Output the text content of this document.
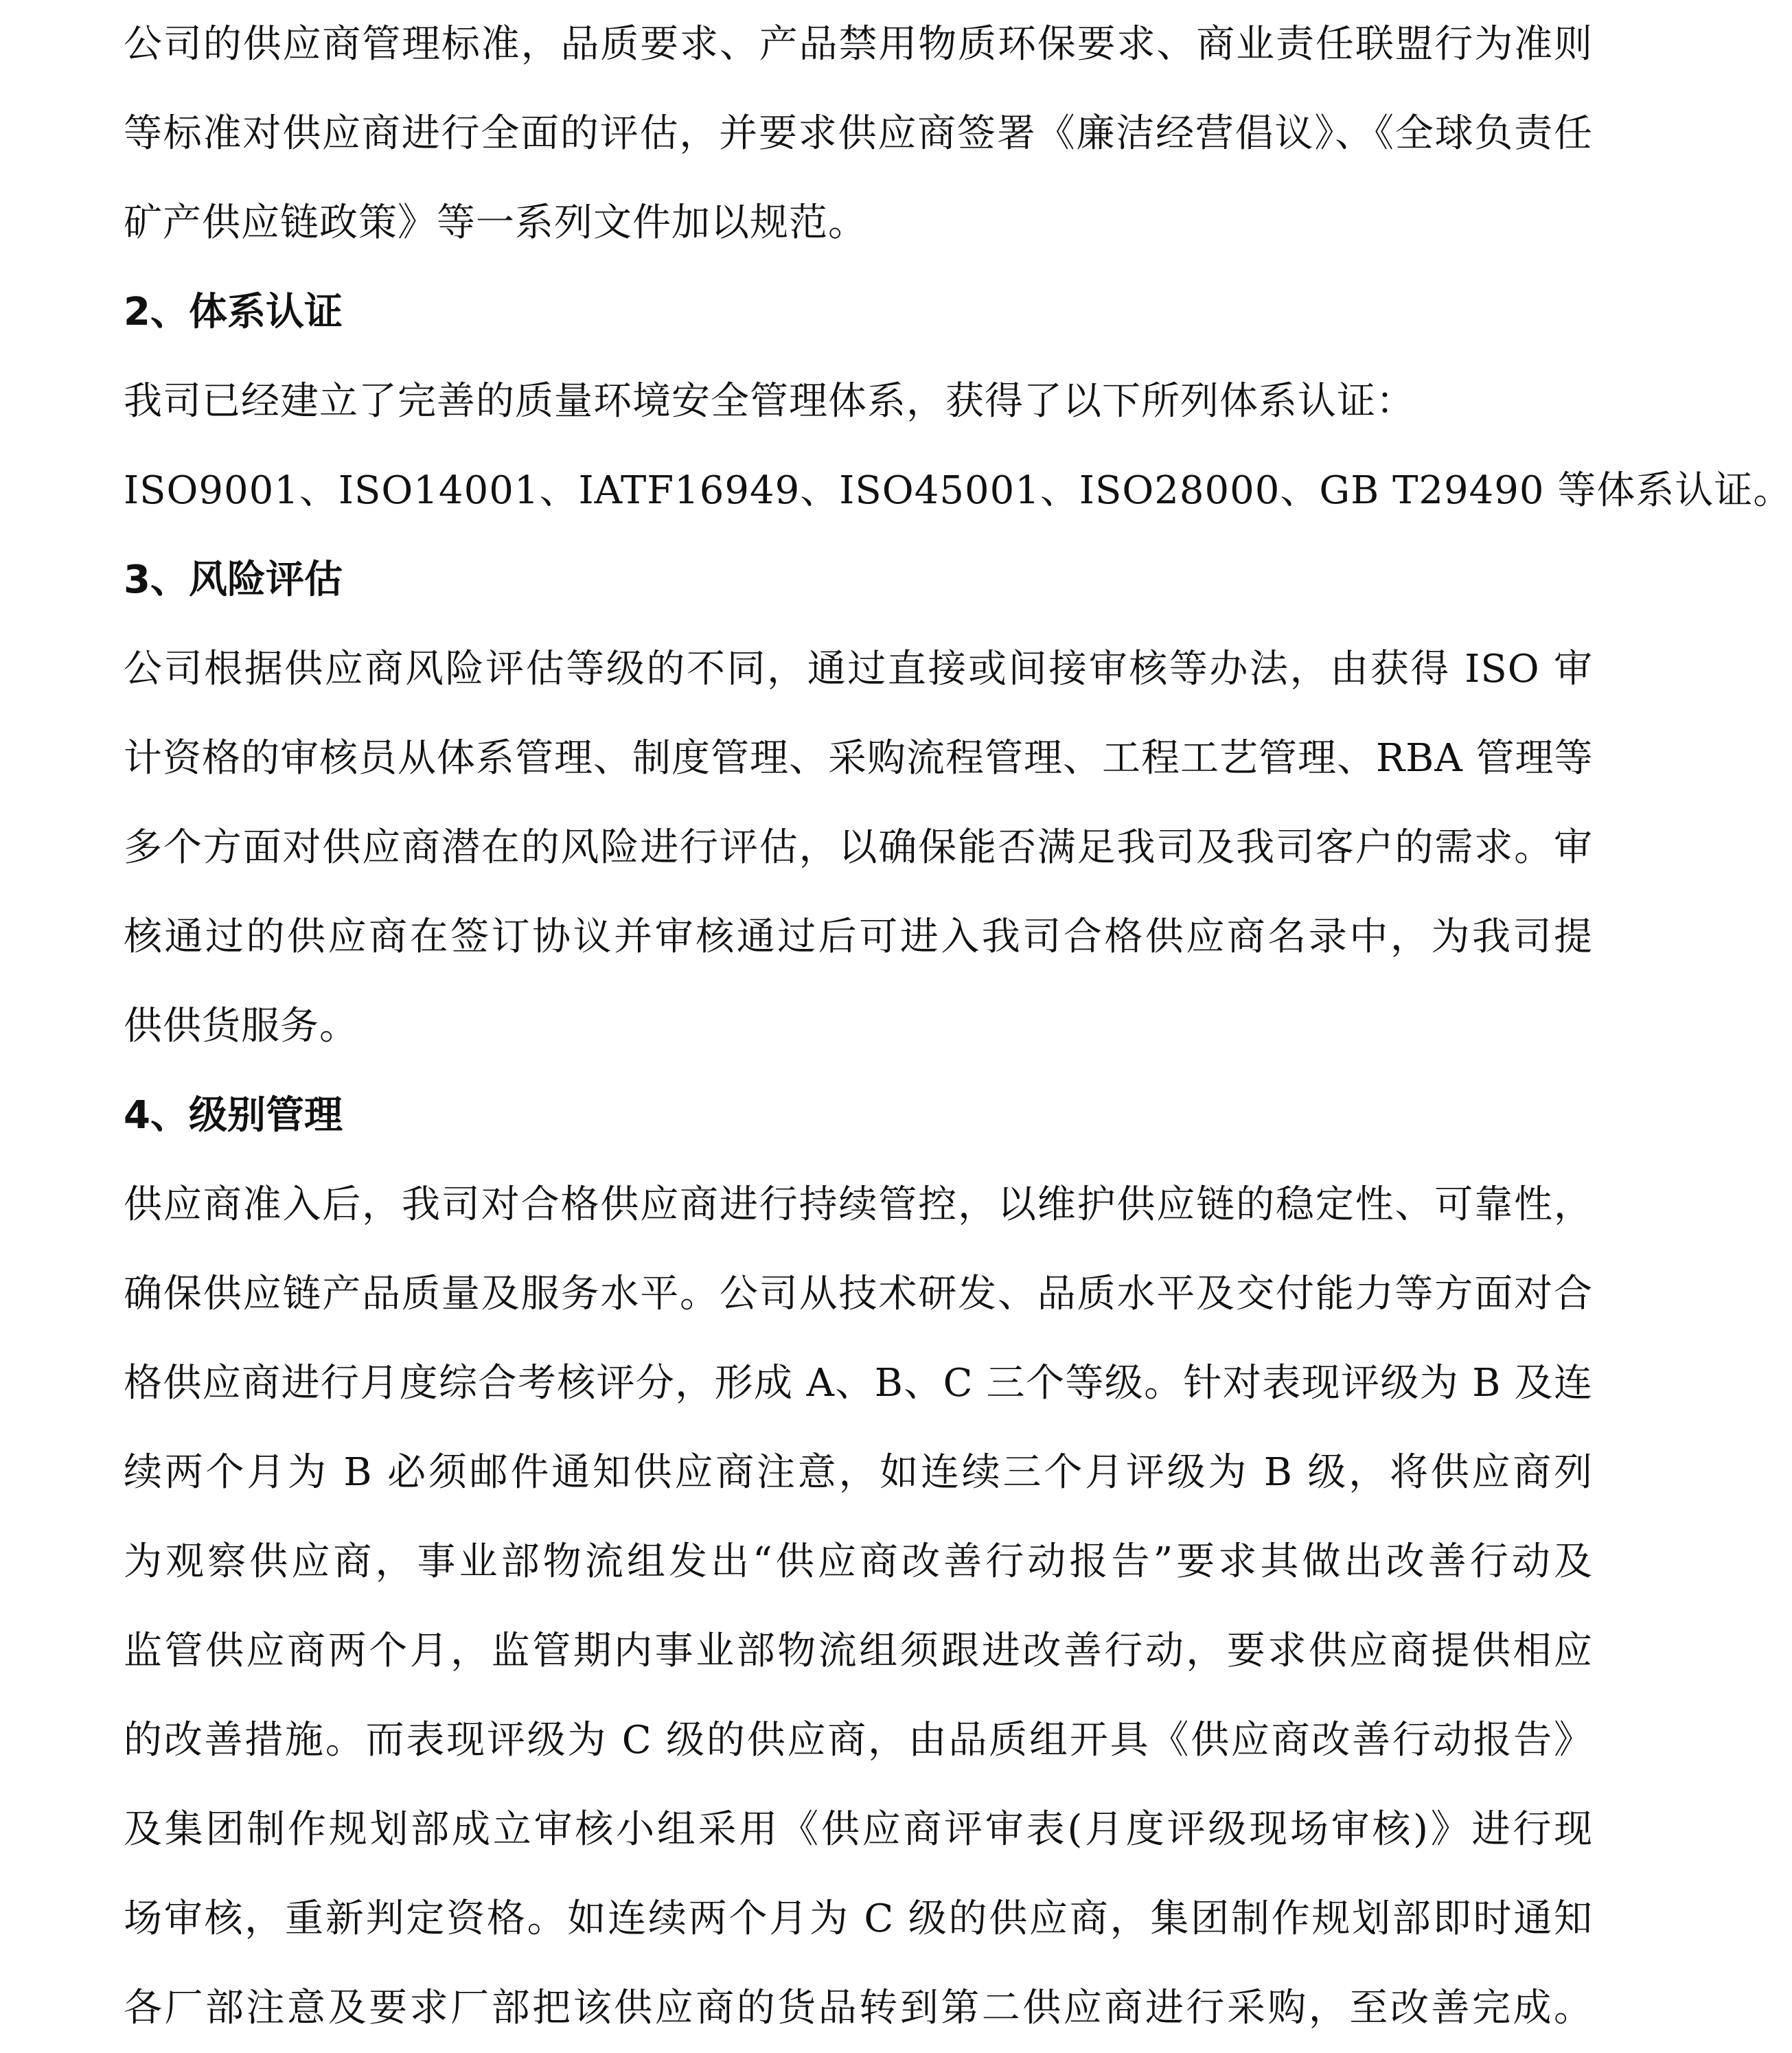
公司的供应商管理标准，品质要求、产品禁用物质环保要求、商业责任联盟行为准则
等标准对供应商进行全面的评估，并要求供应商签署《廉洁经营倡议》、《全球负责任
矿产供应链政策》等一系列文件加以规范。
2、体系认证
我司已经建立了完善的质量环境安全管理体系，获得了以下所列体系认证：
ISO9001、ISO14001、IATF16949、ISO45001、ISO28000、GB T29490 等体系认证。
3、风险评估
公司根据供应商风险评估等级的不同，通过直接或间接审核等办法，由获得 ISO 审
计资格的审核员从体系管理、制度管理、采购流程管理、工程工艺管理、RBA 管理等
多个方面对供应商潜在的风险进行评估，以确保能否满足我司及我司客户的需求。审
核通过的供应商在签订协议并审核通过后可进入我司合格供应商名录中，为我司提
供供货服务。
4、级别管理
供应商准入后，我司对合格供应商进行持续管控，以维护供应链的稳定性、可靠性，
确保供应链产品质量及服务水平。公司从技术研发、品质水平及交付能力等方面对合
格供应商进行月度综合考核评分，形成 A、B、C 三个等级。针对表现评级为 B 及连
续两个月为 B 必须邮件通知供应商注意，如连续三个月评级为 B 级，将供应商列
为观察供应商，事业部物流组发出“供应商改善行动报告”要求其做出改善行动及
监管供应商两个月，监管期内事业部物流组须跟进改善行动，要求供应商提供相应
的改善措施。而表现评级为 C 级的供应商，由品质组开具《供应商改善行动报告》
及集团制作规划部成立审核小组采用《供应商评审表(月度评级现场审核)》进行现
场审核，重新判定资格。如连续两个月为 C 级的供应商，集团制作规划部即时通知
各厂部注意及要求厂部把该供应商的货品转到第二供应商进行采购，至改善完成。
